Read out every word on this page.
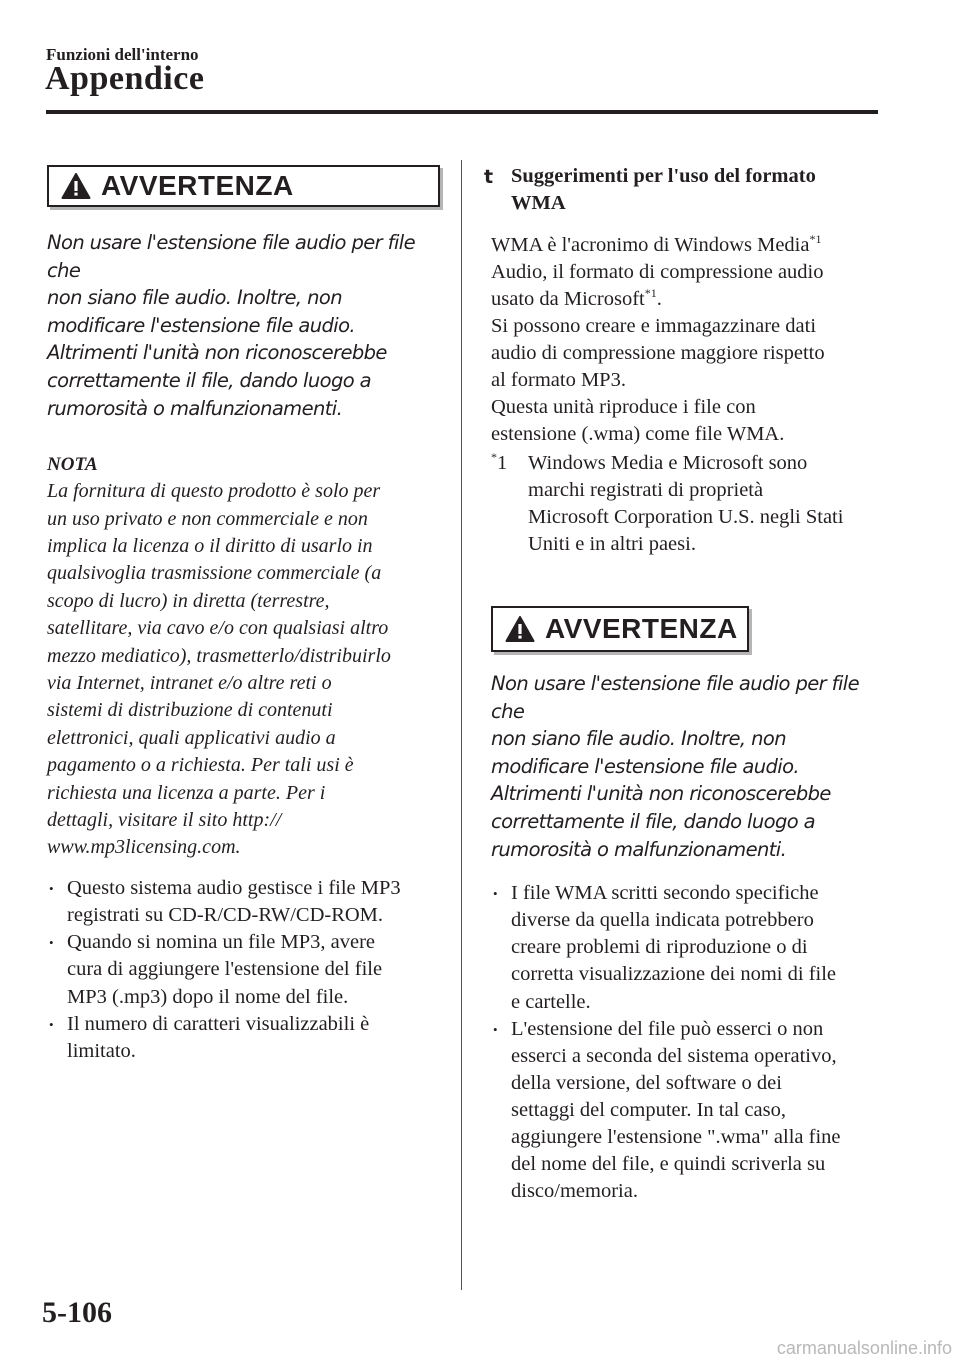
Funzioni dell'interno
Appendice
AVVERTENZA

Non usare l'estensione file audio per file che

non siano file audio. Inoltre, non

modificare l'estensione file audio.

Altrimenti l'unità non riconoscerebbe

correttamente il file, dando luogo a

rumorosità o malfunzionamenti.

NOTA

La fornitura di questo prodotto è solo per

un uso privato e non commerciale e non

implica la licenza o il diritto di usarlo in

qualsivoglia trasmissione commerciale (a

scopo di lucro) in diretta (terrestre,

satellitare, via cavo e/o con qualsiasi altro

mezzo mediatico), trasmetterlo/distribuirlo

via Internet, intranet e/o altre reti o

sistemi di distribuzione di contenuti

elettronici, quali applicativi audio a

pagamento o a richiesta. Per tali usi è

richiesta una licenza a parte. Per i

dettagli, visitare il sito http://

www.mp3licensing.com.

• Questo sistema audio gestisce i file MP3
registrati su CD-R/CD-RW/CD-ROM.
• Quando si nomina un file MP3, avere
cura di aggiungere l'estensione del file
MP3 (.mp3) dopo il nome del file.
• Il numero di caratteri visualizzabili è
limitato.
t Suggerimenti per l'uso del formato
WMA

WMA è l'acronimo di Windows Media$^{*1}$

Audio, il formato di compressione audio

usato da Microsoft$^{*1}$.

Si possono creare e immagazzinare dati

audio di compressione maggiore rispetto

al formato MP3.

Questa unità riproduce i file con

estensione (.wma) come file WMA.

*1	Windows Media e Microsoft sono
marchi registrati di proprietà
Microsoft Corporation U.S. negli Stati
Uniti e in altri paesi.
AVVERTENZA

Non usare l'estensione file audio per file che

non siano file audio. Inoltre, non

modificare l'estensione file audio.

Altrimenti l'unità non riconoscerebbe

correttamente il file, dando luogo a

rumorosità o malfunzionamenti.

• I file WMA scritti secondo specifiche
diverse da quella indicata potrebbero
creare problemi di riproduzione o di
corretta visualizzazione dei nomi di file
e cartelle.
• L'estensione del file può esserci o non
esserci a seconda del sistema operativo,
della versione, del software o dei
settaggi del computer. In tal caso,
aggiungere l'estensione ".wma" alla fine
del nome del file, e quindi scriverla su
disco/memoria.
5-106
carmanualsonline.info
